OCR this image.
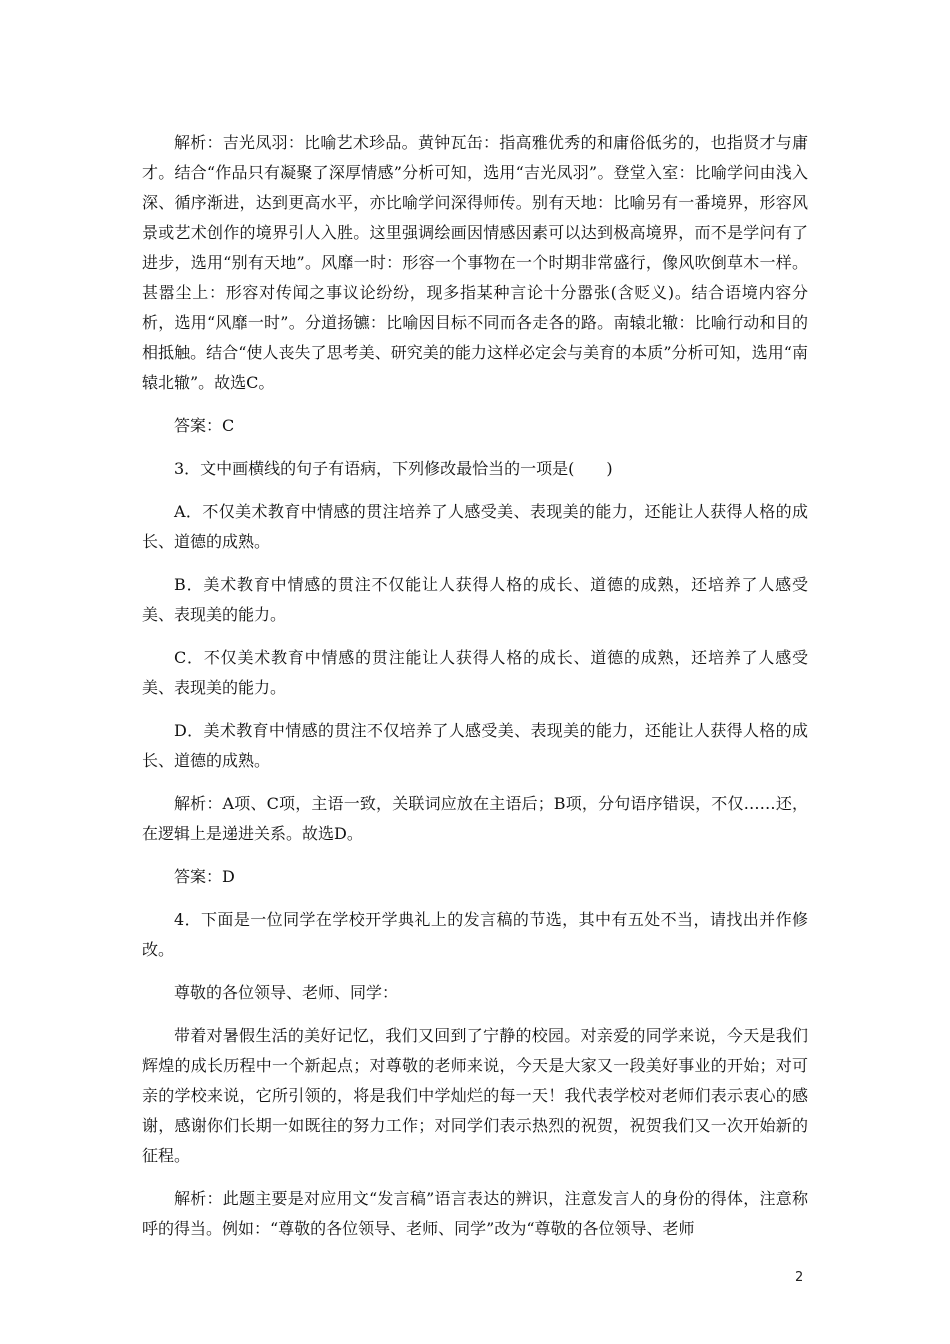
解析：吉光凤羽：比喻艺术珍品。黄钟瓦缶：指高雅优秀的和庸俗低劣的，也指贤才与庸才。结合“作品只有凝聚了深厚情感”分析可知，选用“吉光凤羽”。登堂入室：比喻学问由浅入深、循序渐进，达到更高水平，亦比喻学问深得师传。别有天地：比喻另有一番境界，形容风景或艺术创作的境界引人入胜。这里强调绘画因情感因素可以达到极高境界，而不是学问有了进步，选用“别有天地”。风靡一时：形容一个事物在一个时期非常盛行，像风吹倒草木一样。甚嚣尘上：形容对传闻之事议论纷纷，现多指某种言论十分嚣张(含贬义)。结合语境内容分析，选用“风靡一时”。分道扬镳：比喻因目标不同而各走各的路。南辕北辙：比喻行动和目的相抵触。结合“使人丧失了思考美、研究美的能力这样必定会与美育的本质”分析可知，选用“南辕北辙”。故选C。

答案：C

3．文中画横线的句子有语病，下列修改最恰当的一项是(　　)

A．不仅美术教育中情感的贯注培养了人感受美、表现美的能力，还能让人获得人格的成长、道德的成熟。

B．美术教育中情感的贯注不仅能让人获得人格的成长、道德的成熟，还培养了人感受美、表现美的能力。

C．不仅美术教育中情感的贯注能让人获得人格的成长、道德的成熟，还培养了人感受美、表现美的能力。

D．美术教育中情感的贯注不仅培养了人感受美、表现美的能力，还能让人获得人格的成长、道德的成熟。

解析：A项、C项，主语一致，关联词应放在主语后；B项，分句语序错误，不仅……还，在逻辑上是递进关系。故选D。

答案：D

4．下面是一位同学在学校开学典礼上的发言稿的节选，其中有五处不当，请找出并作修改。

尊敬的各位领导、老师、同学：

带着对暑假生活的美好记忆，我们又回到了宁静的校园。对亲爱的同学来说，今天是我们辉煌的成长历程中一个新起点；对尊敬的老师来说，今天是大家又一段美好事业的开始；对可亲的学校来说，它所引领的，将是我们中学灿烂的每一天！我代表学校对老师们表示衷心的感谢，感谢你们长期一如既往的努力工作；对同学们表示热烈的祝贺，祝贺我们又一次开始新的征程。

解析：此题主要是对应用文“发言稿”语言表达的辨识，注意发言人的身份的得体，注意称呼的得当。例如：“尊敬的各位领导、老师、同学”改为“尊敬的各位领导、老师

2
